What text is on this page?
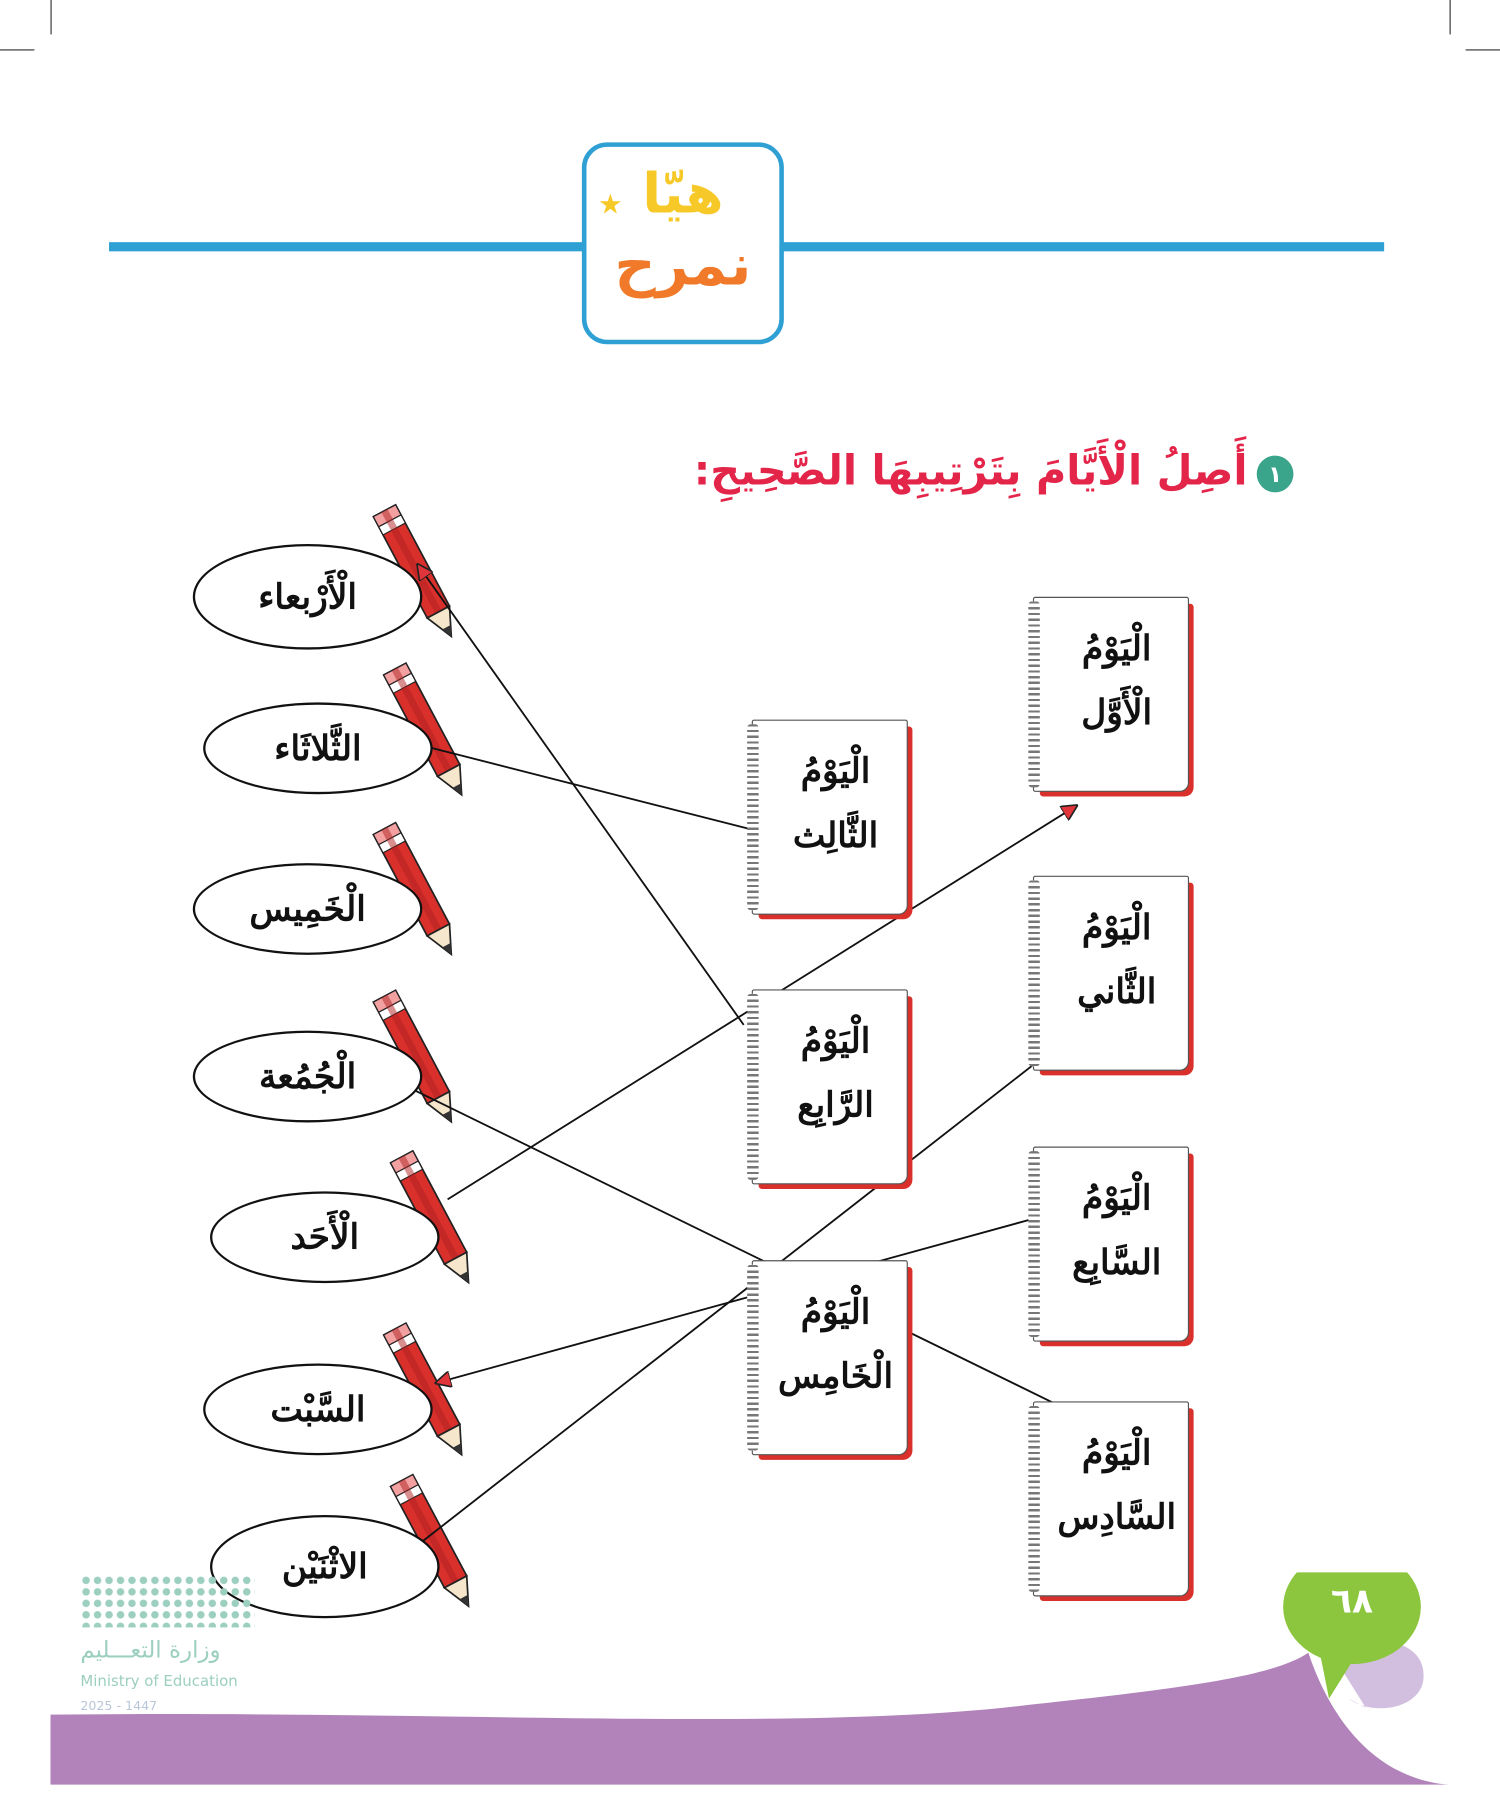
هيّا
نمرح
★
١
أَصِلُ الْأَيَّامَ بِتَرْتِيبِهَا الصَّحِيحِ:
الْأَرْبعاء
الثَّلاثَاء
الْخَمِيس
الْجُمُعة
الْأَحَد
السَّبْت
الاثْنَيْن
الْيَوْمُ
الثَّالِث
الْيَوْمُ
الرَّابِع
الْيَوْمُ
الْخَامِس
الْيَوْمُ
الْأَوَّل
الْيَوْمُ
الثَّاني
الْيَوْمُ
السَّابِع
الْيَوْمُ
السَّادِس
٦٨
وزارة التعـــليم
Ministry of Education
2025 - 1447
